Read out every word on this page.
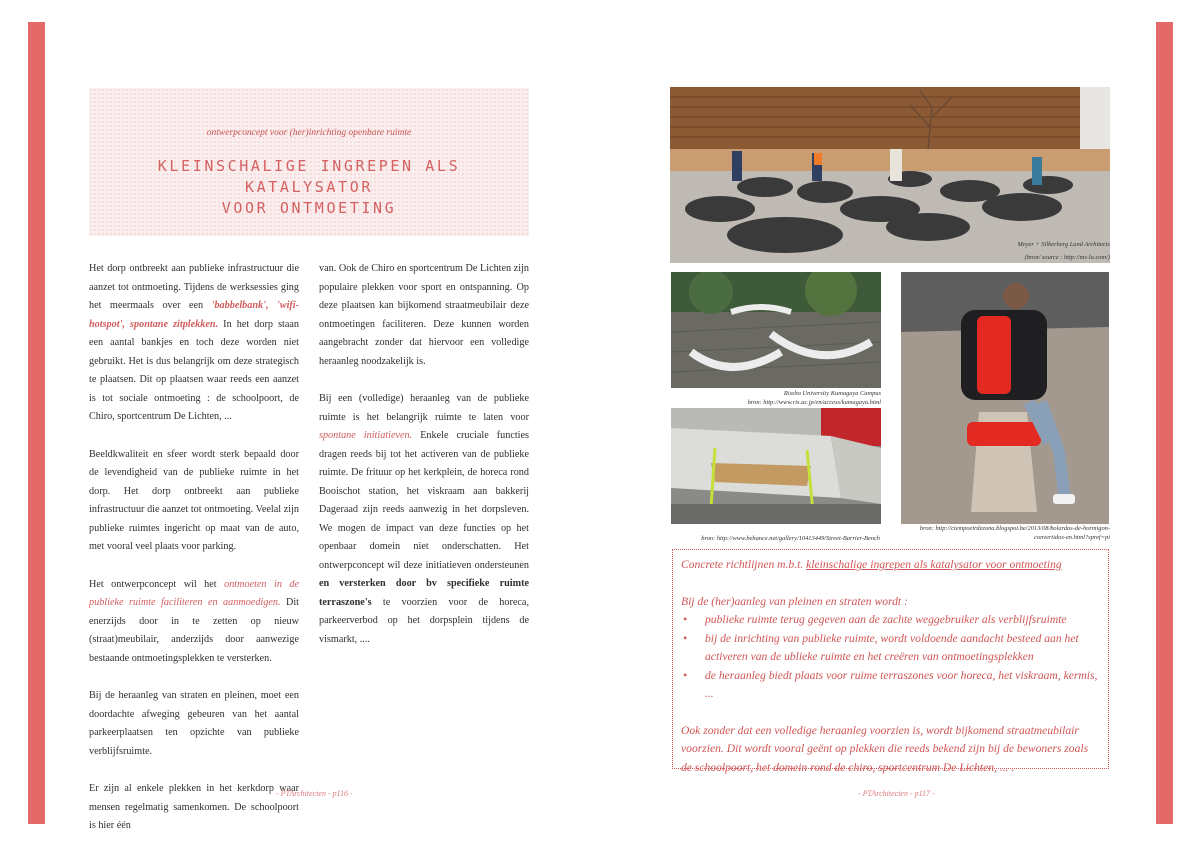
ontwerpconcept voor (her)inrichting openbare ruimte
KLEINSCHALIGE INGREPEN ALS KATALYSATOR
VOOR ONTMOETING

Het dorp ontbreekt aan publieke infrastructuur die aanzet tot ontmoeting. Tijdens de werksessies ging het meermaals over een 'babbelbank', 'wifi-hotspot', spontane zitplekken. In het dorp staan een aantal bankjes en toch deze worden niet gebruikt. Het is dus belangrijk om deze strategisch te plaatsen. Dit op plaatsen waar reeds een aanzet is tot sociale ontmoeting : de schoolpoort, de Chiro, sportcentrum De Lichten, ...

Beeldkwaliteit en sfeer wordt sterk bepaald door de levendigheid van de publieke ruimte in het dorp. Het dorp ontbreekt aan publieke infrastructuur die aanzet tot ontmoeting. Veelal zijn publieke ruimtes ingericht op maat van de auto, met vooral veel plaats voor parking.

Het ontwerpconcept wil het ontmoeten in de publieke ruimte faciliteren en aanmoedigen. Dit enerzijds door in te zetten op nieuw (straat)meubilair, anderzijds door aanwezige bestaande ontmoetingsplekken te versterken.

Bij de heraanleg van straten en pleinen, moet een doordachte afweging gebeuren van het aantal parkeerplaatsen ten opzichte van publieke verblijfsruimte.

Er zijn al enkele plekken in het kerkdorp waar mensen regelmatig samenkomen. De schoolpoort is hier één

van. Ook de Chiro en sportcentrum De Lichten zijn populaire plekken voor sport en ontspanning. Op deze plaatsen kan bijkomend straatmeubilair deze ontmoetingen faciliteren. Deze kunnen worden aangebracht zonder dat hiervoor een volledige heraanleg noodzakelijk is.

Bij een (volledige) heraanleg van de publieke ruimte is het belangrijk ruimte te laten voor spontane initiatieven. Enkele cruciale functies dragen reeds bij tot het activeren van de publieke ruimte. De frituur op het kerkplein, de horeca rond Booischot station, het viskraam aan bakkerij Dageraad zijn reeds aanwezig in het dorpsleven. We mogen de impact van deze functies op het openbaar domein niet onderschatten. Het ontwerpconcept wil deze initiatieven ondersteunen en versterken door bv specifieke ruimte terraszone's te voorzien voor de horeca, parkeerverbod op het dorpsplein tijdens de vismarkt, ....

- PTArchitecten - p116 -
Meyer + Silberberg Land Architects
(bron/ source : http://ms-la.com/)
Rissho University Kumagaya Campus
bron: http://www.ris.ac.jp/en/access/kumagaya.html
bron: http://www.behance.net/gallery/10413449/Street-Barrier-Bench
bron: http://ciempoeirdezona.blogspot.be/2013/08/bolardos-de-hormigon-
convertidos-en.html?spref=pi

Concrete richtlijnen m.b.t. kleinschalige ingrepen als katalysator voor ontmoeting

Bij de (her)aanleg van pleinen en straten wordt :

• publieke ruimte terug gegeven aan de zachte weggebruiker als verblijfsruimte
• bij de inrichting van publieke ruimte, wordt voldoende aandacht besteed aan het activeren van de ublieke ruimte en het creëren van ontmoetingsplekken
• de heraanleg biedt plaats voor ruime terraszones voor horeca, het viskraam, kermis, ...

Ook zonder dat een volledige heraanleg voorzien is, wordt bijkomend straatmeubilair voorzien. Dit wordt vooral geënt op plekken die reeds bekend zijn bij de bewoners zoals de schoolpoort, het domein rond de chiro, sportcentrum De Lichten, ... .

- PTArchitecten - p117 -
